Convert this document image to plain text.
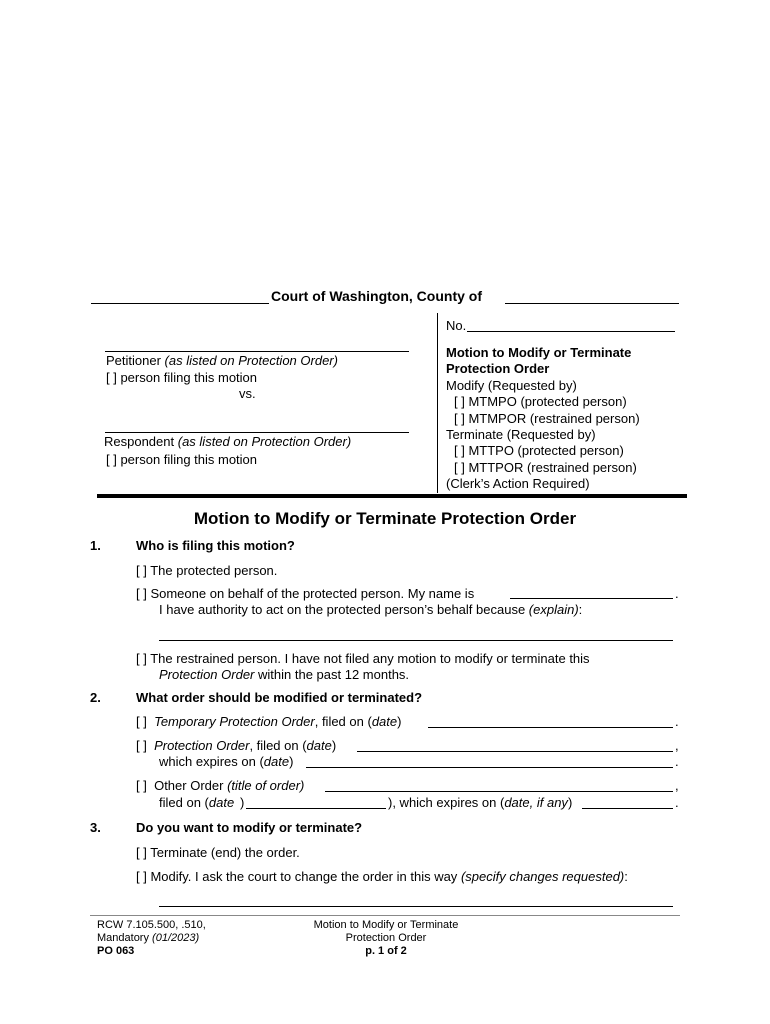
Court of Washington, County of
Petitioner (as listed on Protection Order)
[ ] person filing this motion
vs.
Respondent (as listed on Protection Order)
[ ] person filing this motion
No.
Motion to Modify or Terminate
Protection Order
Modify (Requested by)
[ ] MTMPO (protected person)
[ ] MTMPOR (restrained person)
Terminate (Requested by)
[ ] MTTPO (protected person)
[ ] MTTPOR (restrained person)
(Clerk’s Action Required)
Motion to Modify or Terminate Protection Order
1.	Who is filing this motion?
[ ] The protected person.
[ ] Someone on behalf of the protected person. My name is	.
I have authority to act on the protected person’s behalf because (explain):
[ ] The restrained person. I have not filed any motion to modify or terminate this
Protection Order within the past 12 months.
2.	What order should be modified or terminated?
[ ] Temporary Protection Order, filed on (date)	.
[ ] Protection Order, filed on (date)	,
which expires on (date)	.
[ ] Other Order (title of order)	,
filed on (date )	), which expires on (date, if any)	.
3.	Do you want to modify or terminate?
[ ] Terminate (end) the order.
[ ] Modify. I ask the court to change the order in this way (specify changes requested):
RCW 7.105.500, .510,
Mandatory (01/2023)
PO 063
Motion to Modify or Terminate
Protection Order
p. 1 of 2
